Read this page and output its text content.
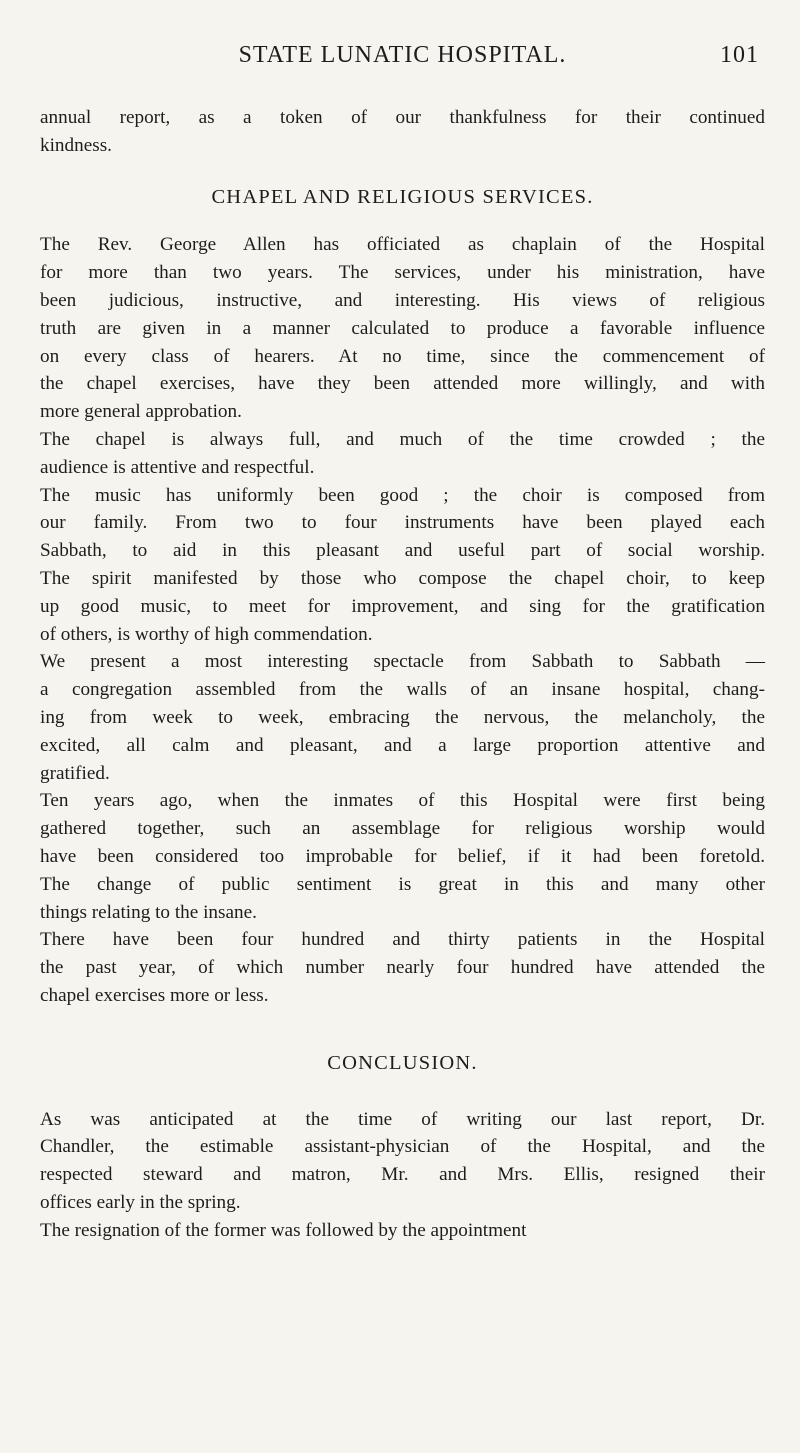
STATE LUNATIC HOSPITAL.	101

annual report, as a token of our thankfulness for their continued
kindness.

CHAPEL AND RELIGIOUS SERVICES.

The Rev. George Allen has officiated as chaplain of the Hospital
for more than two years. The services, under his ministration, have
been judicious, instructive, and interesting. His views of religious
truth are given in a manner calculated to produce a favorable influence
on every class of hearers. At no time, since the commencement of
the chapel exercises, have they been attended more willingly, and with
more general approbation.

The chapel is always full, and much of the time crowded ; the
audience is attentive and respectful.

The music has uniformly been good ; the choir is composed from
our family. From two to four instruments have been played each
Sabbath, to aid in this pleasant and useful part of social worship.
The spirit manifested by those who compose the chapel choir, to keep
up good music, to meet for improvement, and sing for the gratification
of others, is worthy of high commendation.

We present a most interesting spectacle from Sabbath to Sabbath —
a congregation assembled from the walls of an insane hospital, chang-
ing from week to week, embracing the nervous, the melancholy, the
excited, all calm and pleasant, and a large proportion attentive and
gratified.

Ten years ago, when the inmates of this Hospital were first being
gathered together, such an assemblage for religious worship would
have been considered too improbable for belief, if it had been foretold.
The change of public sentiment is great in this and many other
things relating to the insane.

There have been four hundred and thirty patients in the Hospital
the past year, of which number nearly four hundred have attended the
chapel exercises more or less.

CONCLUSION.

As was anticipated at the time of writing our last report, Dr.
Chandler, the estimable assistant-physician of the Hospital, and the
respected steward and matron, Mr. and Mrs. Ellis, resigned their
offices early in the spring.

The resignation of the former was followed by the appointment
